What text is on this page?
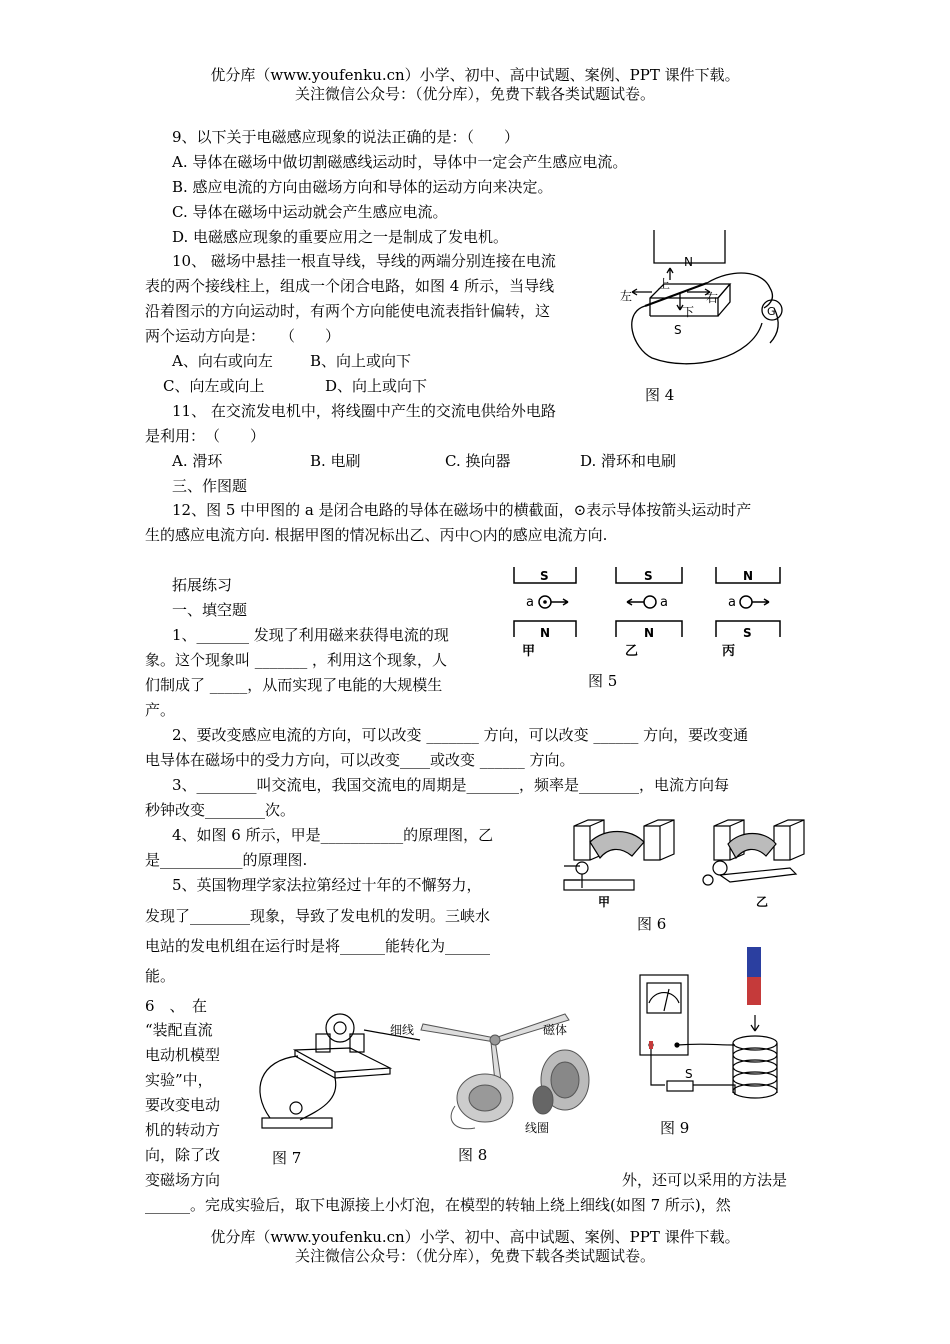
优分库（www.youfenku.cn）小学、初中、高中试题、案例、PPT 课件下载。
关注微信公众号：（优分库），免费下载各类试题试卷。
9、以下关于电磁感应现象的说法正确的是：（　　）
A. 导体在磁场中做切割磁感线运动时，导体中一定会产生感应电流。
B. 感应电流的方向由磁场方向和导体的运动方向来决定。
C. 导体在磁场中运动就会产生感应电流。
D. 电磁感应现象的重要应用之一是制成了发电机。
10、 磁场中悬挂一根直导线，导线的两端分别连接在电流
表的两个接线柱上，组成一个闭合电路，如图 4 所示，当导线
沿着图示的方向运动时，有两个方向能使电流表指针偏转，这
两个运动方向是：　　（　　）
A、向右或向左 B、向上或向下
C、向左或向上	D、向上或向下
11、 在交流发电机中，将线圈中产生的交流电供给外电路
是利用：　（　　）
A. 滑环	B. 电刷	C. 换向器	D. 滑环和电刷
三、作图题
12、图 5 中甲图的 a 是闭合电路的导体在磁场中的横截面，⊙表示导体按箭头运动时产
生的感应电流方向. 根据甲图的情况标出乙、丙中○内的感应电流方向.
拓展练习
一、填空题
1、_______ 发现了利用磁来获得电流的现
象。这个现象叫 _______ ，利用这个现象，人
们制成了 _____，从而实现了电能的大规模生
产。
2、要改变感应电流的方向，可以改变 _______ 方向，可以改变 ______ 方向，要改变通
电导体在磁场中的受力方向，可以改变____或改变 ______ 方向。
3、________叫交流电，我国交流电的周期是_______，频率是________，电流方向每
秒钟改变________次。
4、如图 6 所示，甲是___________的原理图，乙
是___________的原理图.
5、英国物理学家法拉第经过十年的不懈努力，
发现了________现象，导致了发电机的发明。三峡水
电站的发电机组在运行时是将______能转化为______
能。
6　、　在
“装配直流
电动机模型
实验”中，
要改变电动
机的转动方
向，除了改
变磁场方向	外，还可以采用的方法是
______。完成实验后，取下电源接上小灯泡，在模型的转轴上绕上细线(如图 7 所示)，然
优分库（www.youfenku.cn）小学、初中、高中试题、案例、PPT 课件下载。
关注微信公众号：（优分库），免费下载各类试题试卷。
N
S
G
上
下
左	右
图 4
S
N
a
甲
S
N
a
乙
N
S
a
丙
图 5
甲	乙
图 6
细线
图 7
磁体
线圈
图 8
S
图 9
